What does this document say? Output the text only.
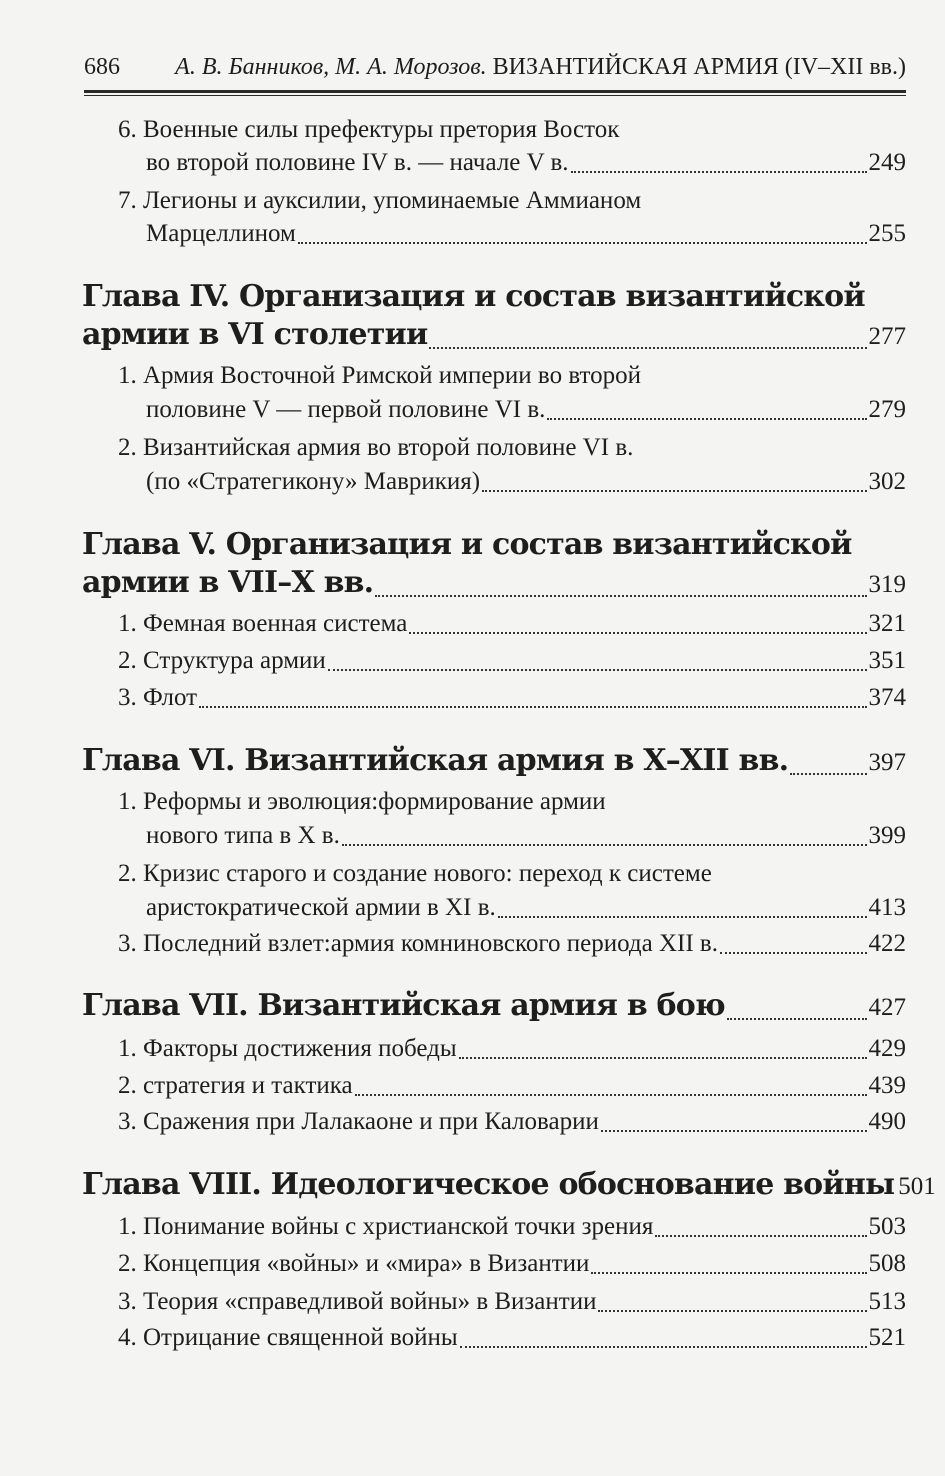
686 А. В. Банников, М. А. Морозов. ВИЗАНТИЙСКАЯ АРМИЯ (IV–XII вв.)
6. Военные силы префектуры претория Восток
во второй половине IV в. — начале V в.	249
7. Легионы и ауксилии, упоминаемые Аммианом
Марцеллином	255
Глава IV. Организация и состав византийской
армии в VI столетии	277
1. Армия Восточной Римской империи во второй
половине V — первой половине VI в.	279
2. Византийская армия во второй половине VI в.
(по «Стратегикону» Маврикия)	302
Глава V. Организация и состав византийской
армии в VII–X вв.	319
1. Фемная военная система	321
2. Структура армии	351
3. Флот	374
Глава VI. Византийская армия в X–XII вв.	397
1. Реформы и эволюция:формирование армии
нового типа в X в.	399
2. Кризис старого и создание нового: переход к системе
аристократической армии в XI в.	413
3. Последний взлет:армия комниновского периода XII в.	422
Глава VII. Византийская армия в бою	427
1. Факторы достижения победы	429
2. стратегия и тактика	439
3. Сражения при Лалакаоне и при Каловарии	490
Глава VIII. Идеологическое обоснование войны 501
1. Понимание войны с христианской точки зрения	503
2. Концепция «войны» и «мира» в Византии	508
3. Теория «справедливой войны» в Византии	513
4. Отрицание священной войны	521
